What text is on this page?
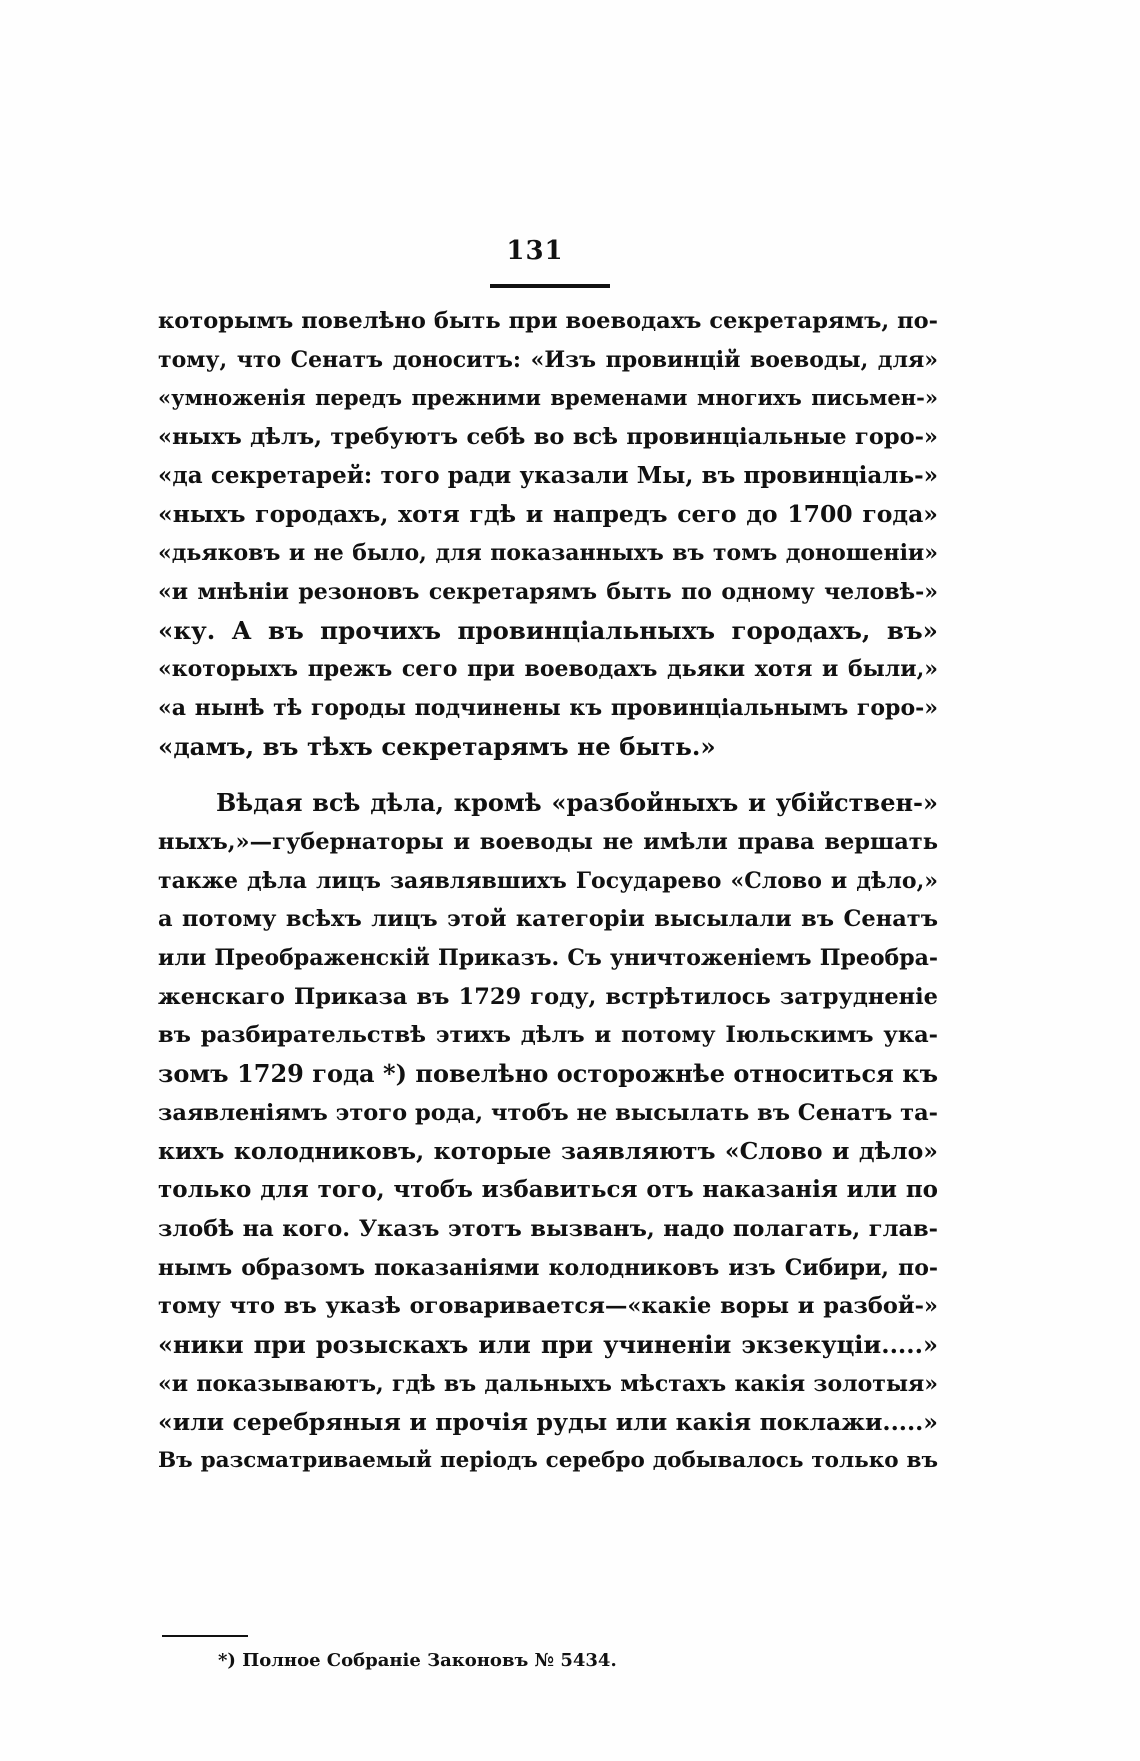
131
которымъ повелѣно быть при воеводахъ секретарямъ, по-
тому, что Сенатъ доноситъ: «Изъ провинцій воеводы, для»
«умноженія передъ прежними временами многихъ письмен-»
«ныхъ дѣлъ, требуютъ себѣ во всѣ провинціальные горо-»
«да секретарей: того ради указали Мы, въ провинціаль-»
«ныхъ городахъ, хотя гдѣ и напредъ сего до 1700 года»
«дьяковъ и не было, для показанныхъ въ томъ доношеніи»
«и мнѣніи резоновъ секретарямъ быть по одному человѣ-»
«ку. А въ прочихъ провинціальныхъ городахъ, въ»
«которыхъ прежъ сего при воеводахъ дьяки хотя и были,»
«а нынѣ тѣ городы подчинены къ провинціальнымъ горо-»
«дамъ, въ тѣхъ секретарямъ не быть.»
Вѣдая всѣ дѣла, кромѣ «разбойныхъ и убійствен-»
ныхъ,»—губернаторы и воеводы не имѣли права вершать
также дѣла лицъ заявлявшихъ Государево «Слово и дѣло,»
а потому всѣхъ лицъ этой категоріи высылали въ Сенатъ
или Преображенскій Приказъ. Съ уничтоженіемъ Преобра-
женскаго Приказа въ 1729 году, встрѣтилось затрудненіе
въ разбирательствѣ этихъ дѣлъ и потому Іюльскимъ ука-
зомъ 1729 года *) повелѣно осторожнѣе относиться къ
заявленіямъ этого рода, чтобъ не высылать въ Сенатъ та-
кихъ колодниковъ, которые заявляютъ «Слово и дѣло»
только для того, чтобъ избавиться отъ наказанія или по
злобѣ на кого. Указъ этотъ вызванъ, надо полагать, глав-
нымъ образомъ показаніями колодниковъ изъ Сибири, по-
тому что въ указѣ оговаривается—«какіе воры и разбой-»
«ники при розыскахъ или при учиненіи экзекуціи.....»
«и показываютъ, гдѣ въ дальныхъ мѣстахъ какія золотыя»
«или серебряныя и прочія руды или какія поклажи.....»
Въ разсматриваемый періодъ серебро добывалось только въ
*) Полное Собраніе Законовъ № 5434.
